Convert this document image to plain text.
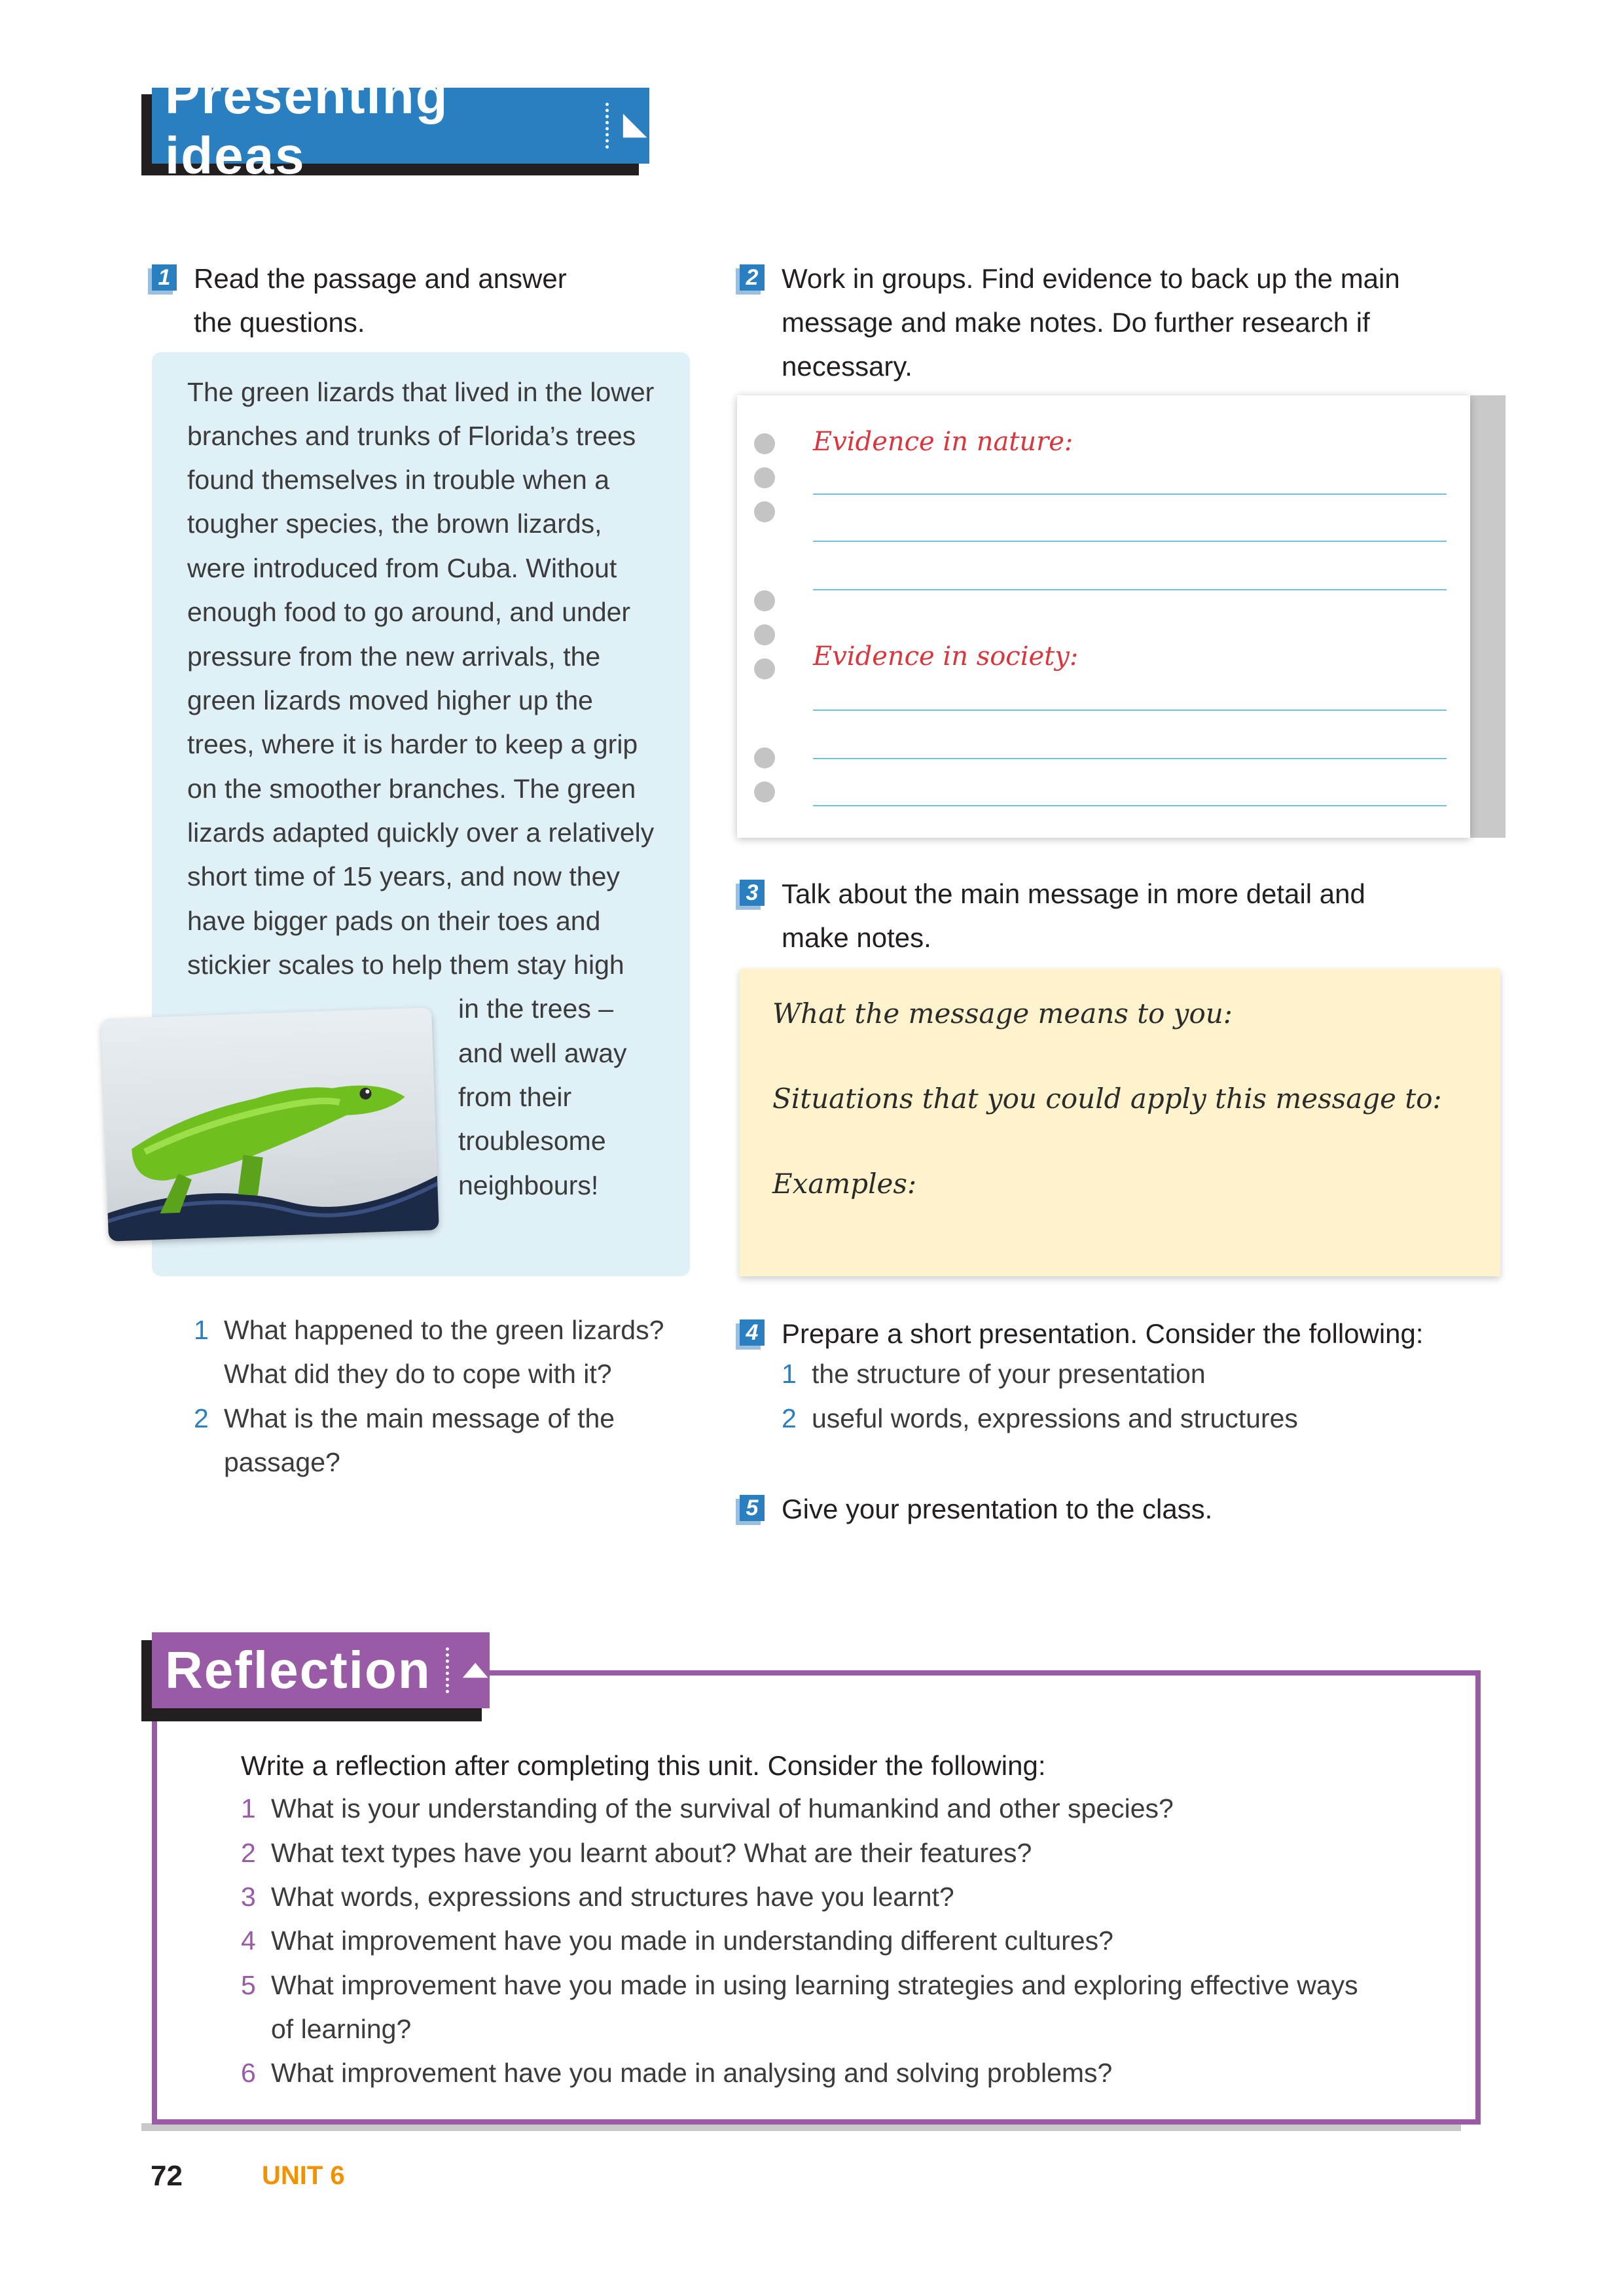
Presenting ideas
1 Read the passage and answer
the questions.
The green lizards that lived in the lower
branches and trunks of Florida’s trees
found themselves in trouble when a
tougher species, the brown lizards,
were introduced from Cuba. Without
enough food to go around, and under
pressure from the new arrivals, the
green lizards moved higher up the
trees, where it is harder to keep a grip
on the smoother branches. The green
lizards adapted quickly over a relatively
short time of 15 years, and now they
have bigger pads on their toes and
stickier scales to help them stay high
in the trees –
and well away
from their
troublesome
neighbours!
1 What happened to the green lizards?
What did they do to cope with it?
2 What is the main message of the
passage?
2 Work in groups. Find evidence to back up the main
message and make notes. Do further research if
necessary.
Evidence in nature:
Evidence in society:
3 Talk about the main message in more detail and
make notes.
What the message means to you:
Situations that you could apply this message to:
Examples:
4 Prepare a short presentation. Consider the following:
1 the structure of your presentation
2 useful words, expressions and structures
5 Give your presentation to the class.
Reflection
Write a reflection after completing this unit. Consider the following:
1 What is your understanding of the survival of humankind and other species?
2 What text types have you learnt about? What are their features?
3 What words, expressions and structures have you learnt?
4 What improvement have you made in understanding different cultures?
5 What improvement have you made in using learning strategies and exploring effective ways
of learning?
6 What improvement have you made in analysing and solving problems?
72	UNIT 6
